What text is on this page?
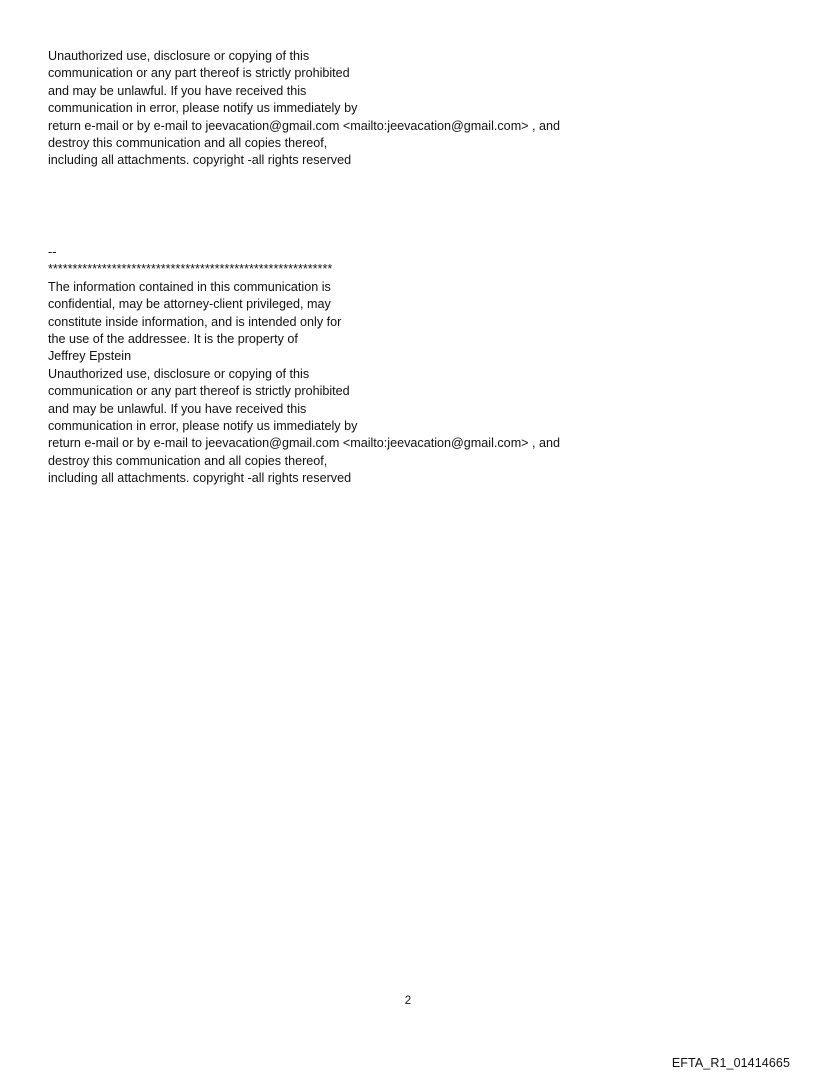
Unauthorized use, disclosure or copying of this
communication or any part thereof is strictly prohibited
and may be unlawful. If you have received this
communication in error, please notify us immediately by
return e-mail or by e-mail to jeevacation@gmail.com <mailto:jeevacation@gmail.com> , and
destroy this communication and all copies thereof,
including all attachments. copyright -all rights reserved
--
**********************************************************
The information contained in this communication is
confidential, may be attorney-client privileged, may
constitute inside information, and is intended only for
the use of the addressee. It is the property of
Jeffrey Epstein
Unauthorized use, disclosure or copying of this
communication or any part thereof is strictly prohibited
and may be unlawful. If you have received this
communication in error, please notify us immediately by
return e-mail or by e-mail to jeevacation@gmail.com <mailto:jeevacation@gmail.com> , and
destroy this communication and all copies thereof,
including all attachments. copyright -all rights reserved
2
EFTA_R1_01414665
